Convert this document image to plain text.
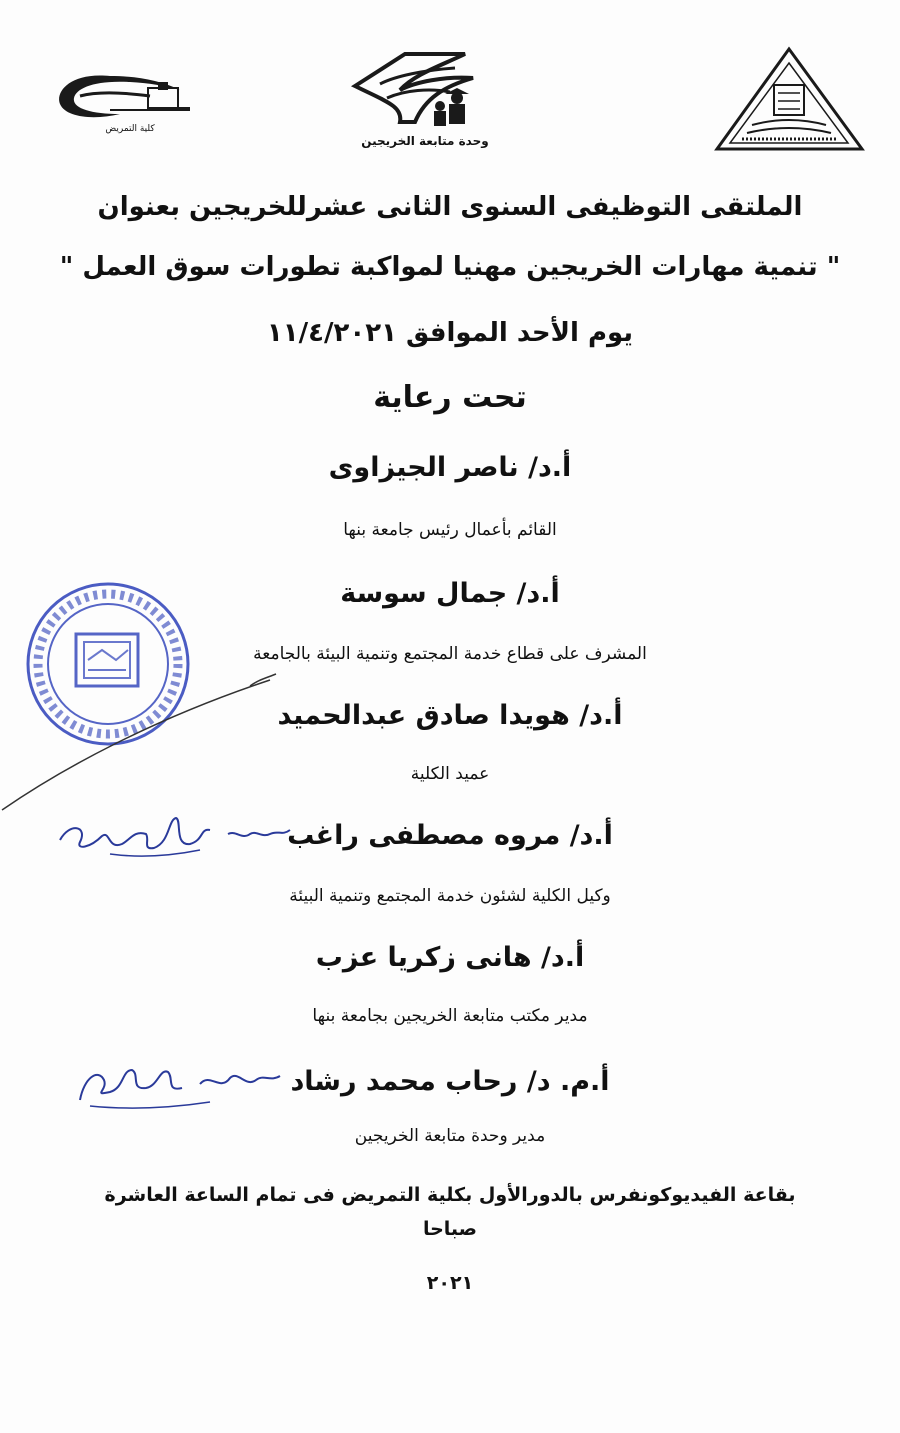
كلية التمريض
وحدة متابعة الخريجين
الملتقى التوظيفى السنوى الثانى عشرللخريجين بعنوان
" تنمية مهارات الخريجين مهنيا لمواكبة تطورات سوق العمل "
يوم الأحد الموافق ١١/٤/٢٠٢١
تحت رعاية
أ.د/ ناصر الجيزاوى
القائم بأعمال رئيس جامعة بنها
أ.د/ جمال سوسة
المشرف على قطاع خدمة المجتمع وتنمية البيئة بالجامعة
أ.د/ هويدا صادق عبدالحميد
عميد الكلية
أ.د/ مروه مصطفى راغب
وكيل الكلية لشئون خدمة المجتمع وتنمية البيئة
أ.د/ هانى زكريا عزب
مدير مكتب متابعة الخريجين بجامعة بنها
أ.م. د/ رحاب محمد رشاد
مدير وحدة متابعة الخريجين
بقاعة الفيديوكونفرس بالدورالأول بكلية التمريض فى تمام الساعة العاشرة
صباحا
٢٠٢١
